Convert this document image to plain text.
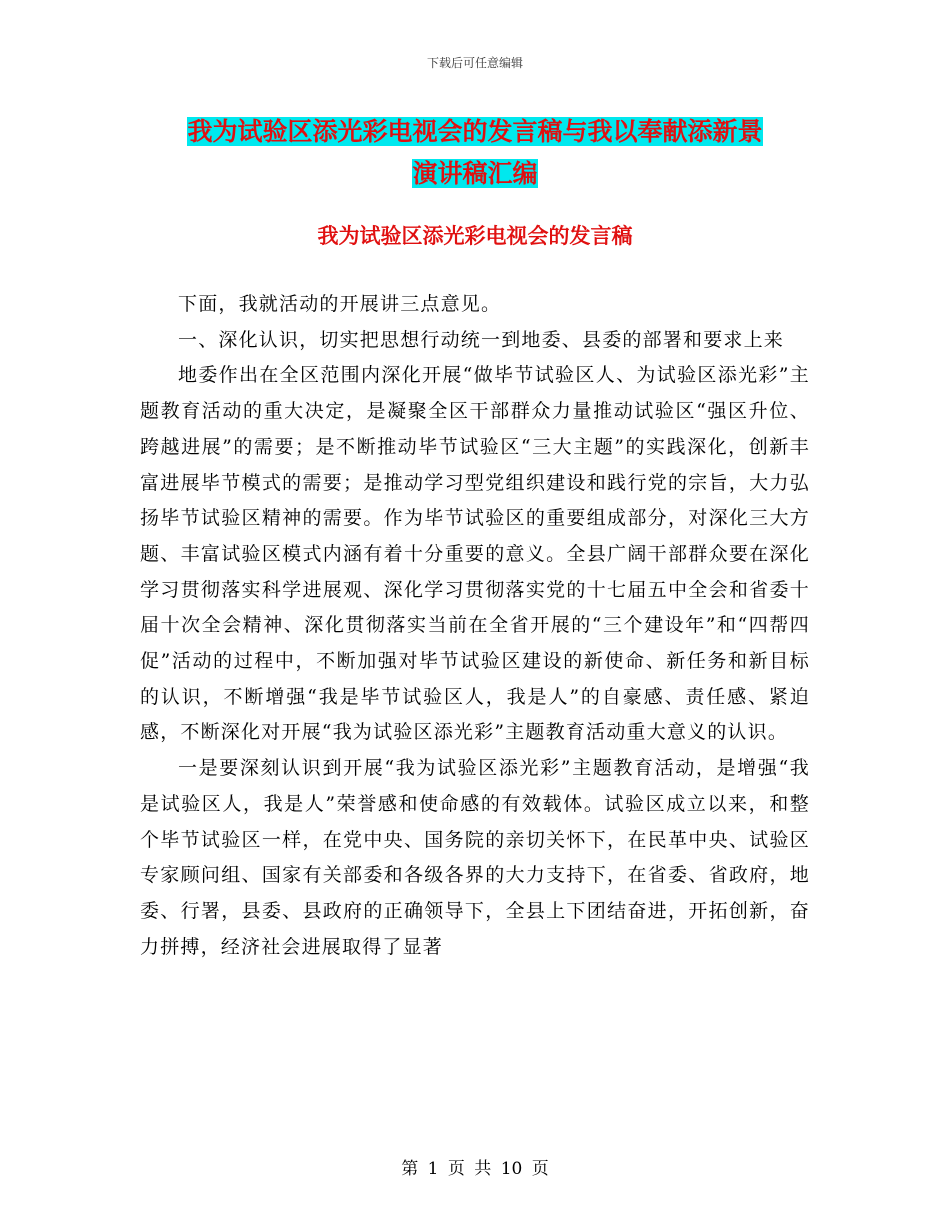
下载后可任意编辑
我为试验区添光彩电视会的发言稿与我以奉献添新景
演讲稿汇编
我为试验区添光彩电视会的发言稿

下面，我就活动的开展讲三点意见。

一、深化认识，切实把思想行动统一到地委、县委的部署和要求上来

地委作出在全区范围内深化开展“做毕节试验区人、为试验区添光彩”主题教育活动的重大决定，是凝聚全区干部群众力量推动试验区“强区升位、跨越进展”的需要；是不断推动毕节试验区“三大主题”的实践深化，创新丰富进展毕节模式的需要；是推动学习型党组织建设和践行党的宗旨，大力弘扬毕节试验区精神的需要。作为毕节试验区的重要组成部分，对深化三大方题、丰富试验区模式内涵有着十分重要的意义。全县广阔干部群众要在深化学习贯彻落实科学进展观、深化学习贯彻落实党的十七届五中全会和省委十届十次全会精神、深化贯彻落实当前在全省开展的“三个建设年”和“四帮四促”活动的过程中，不断加强对毕节试验区建设的新使命、新任务和新目标的认识，不断增强“我是毕节试验区人，我是人”的自豪感、责任感、紧迫感，不断深化对开展“我为试验区添光彩”主题教育活动重大意义的认识。

一是要深刻认识到开展“我为试验区添光彩”主题教育活动，是增强“我是试验区人，我是人”荣誉感和使命感的有效载体。试验区成立以来，和整个毕节试验区一样，在党中央、国务院的亲切关怀下，在民革中央、试验区专家顾问组、国家有关部委和各级各界的大力支持下，在省委、省政府，地委、行署，县委、县政府的正确领导下，全县上下团结奋进，开拓创新，奋力拼搏，经济社会进展取得了显著

第 1 页 共 10 页
